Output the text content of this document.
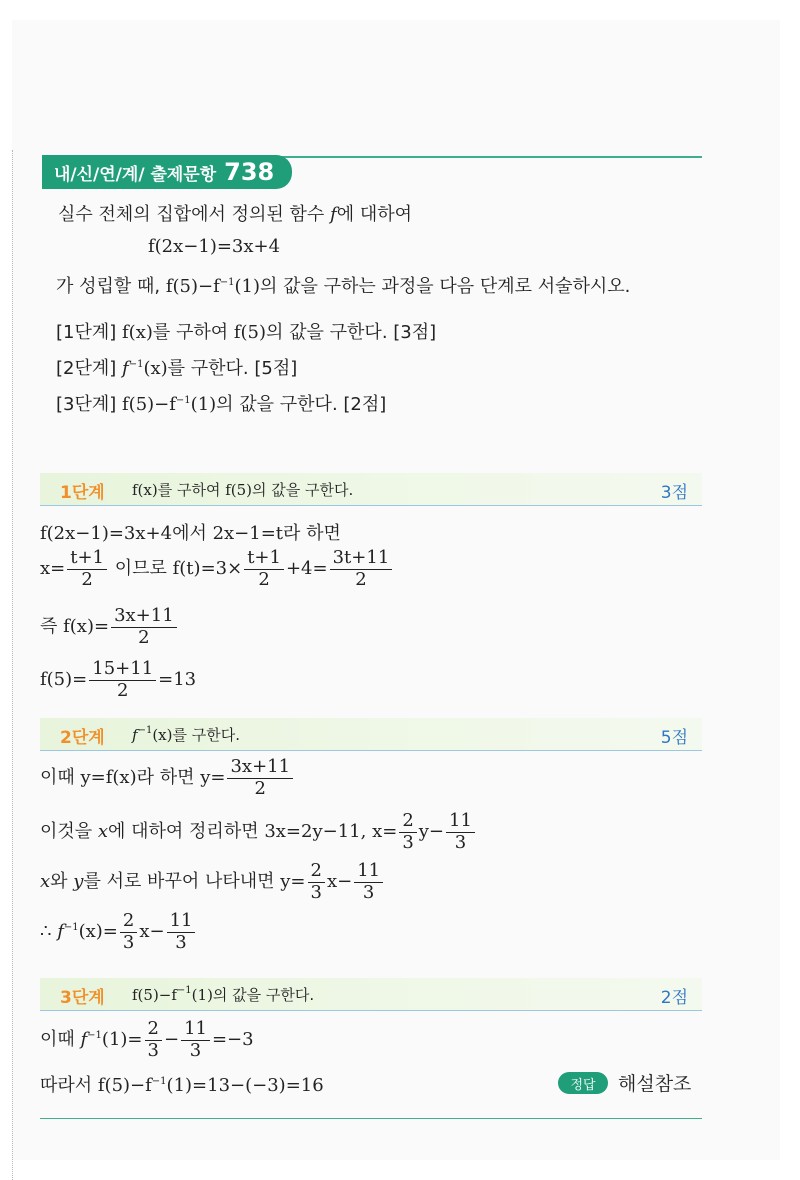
내/신/연/계/ 출제문항 738
실수 전체의 집합에서 정의된 함수 f에 대하여
f(2x−1)=3x+4
가 성립할 때, $f(5)-f^{-1}(1)$의 값을 구하는 과정을 다음 단계로 서술하시오.
[1단계] f(x)를 구하여 f(5)의 값을 구한다. [3점]
[2단계] $f^{-1}(x)$를 구한다. [5점]
[3단계] $f(5)-f^{-1}(1)$의 값을 구한다. [2점]
1단계 f(x)를 구하여 f(5)의 값을 구한다.	3점
f(2x−1)=3x+4에서 2x−1=t라 하면
$x= \frac{t+1}{2}$ 이므로 $f(t)=3\times \frac{t+1}{2} +4= \frac{3t+11}{2}$
즉 $f(x)= \frac{3x+11}{2}$
$f(5)= \frac{15+11}{2} =13$
2단계 $f^{-1}(x)$를 구한다.	5점
이때 y=f(x)라 하면 $y= \frac{3x+11}{2}$
이것을 x에 대하여 정리하면 3x=2y−11, $x= \frac{2}{3} y- \frac{11}{3}$
x와 y를 서로 바꾸어 나타내면 $y= \frac{2}{3} x- \frac{11}{3}$
∴ $f^{-1}(x)= \frac{2}{3} x- \frac{11}{3}$
3단계 $f(5)-f^{-1}(1)$의 값을 구한다.	2점
이때 $f^{-1}(1)= \frac{2}{3} - \frac{11}{3} =-3$
따라서 $f(5)-f^{-1}(1)=13-(-3)=16$	정답	해설참조
